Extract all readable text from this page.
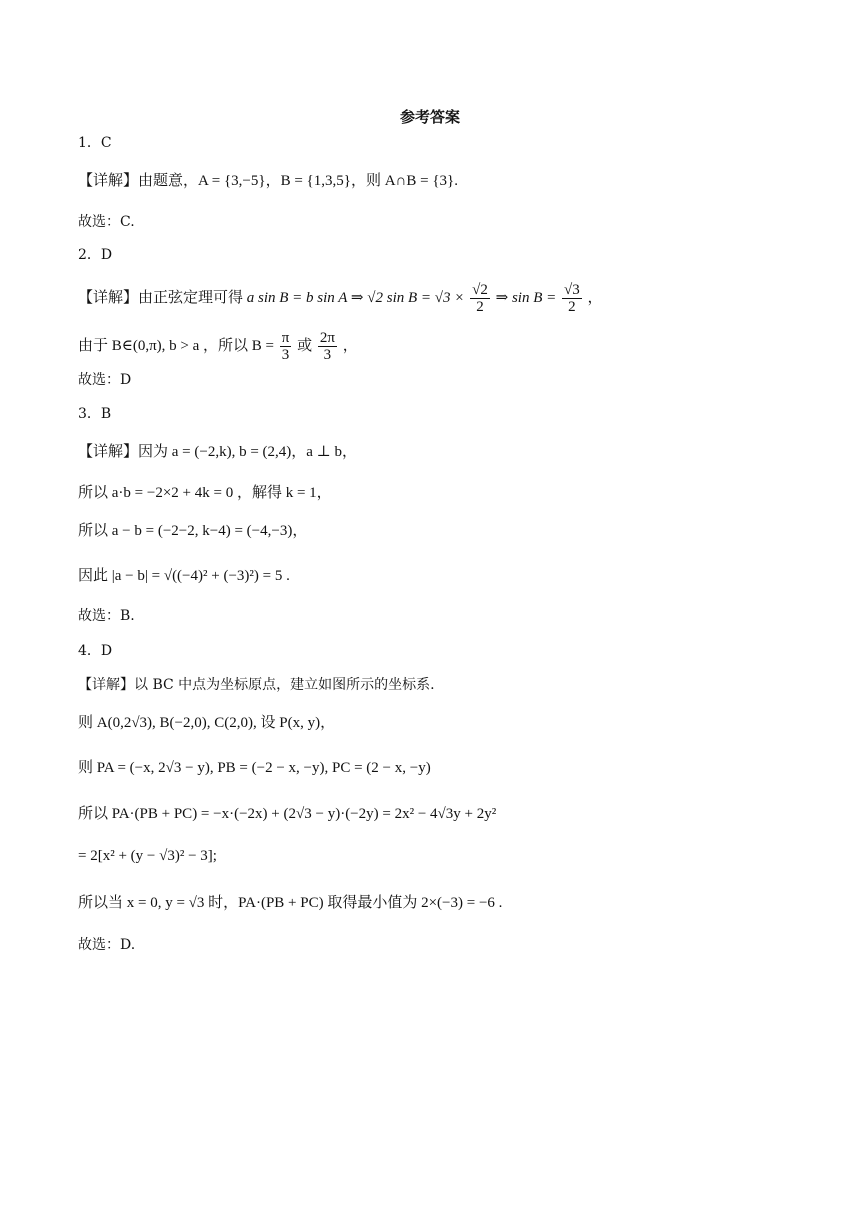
参考答案
1．C
【详解】由题意，A = {3,−5}，B = {1,3,5}，则 A∩B = {3}.
故选：C.
2．D
【详解】由正弦定理可得 a sin B = b sin A ⇒ √2 $\sin B = √3 \times \frac{√2}{2}$ ⇒ $\sin B = \frac{√3}{2}$ ，
由于 B∈(0,π), b > a ，所以 $B = \frac{\pi}{3}$ 或 $\frac{2\pi}{3}$ ，
故选：D
3．B
【详解】因为 a = (−2,k), b = (2,4)，a ⊥ b，
所以 a·b = −2×2 + 4k = 0 ，解得 k = 1，
所以 a − b = (−2−2, k−4) = (−4,−3)，
因此 |a − b| = √((−4)² + (−3)²) = 5 .
故选：B.
4．D
【详解】以 BC 中点为坐标原点，建立如图所示的坐标系.
则 A(0,2√3), B(−2,0), C(2,0), 设 P(x, y)，
则 PA = (−x, 2√3 − y), PB = (−2 − x, −y), PC = (2 − x, −y)
所以 PA·(PB + PC) = −x·(−2x) + (2√3 − y)·(−2y) = 2x² − 4√3y + 2y²
= 2[x² + (y − √3)² − 3];
所以当 x = 0, y = √3 时，PA·(PB + PC) 取得最小值为 2×(−3) = −6 .
故选：D.
